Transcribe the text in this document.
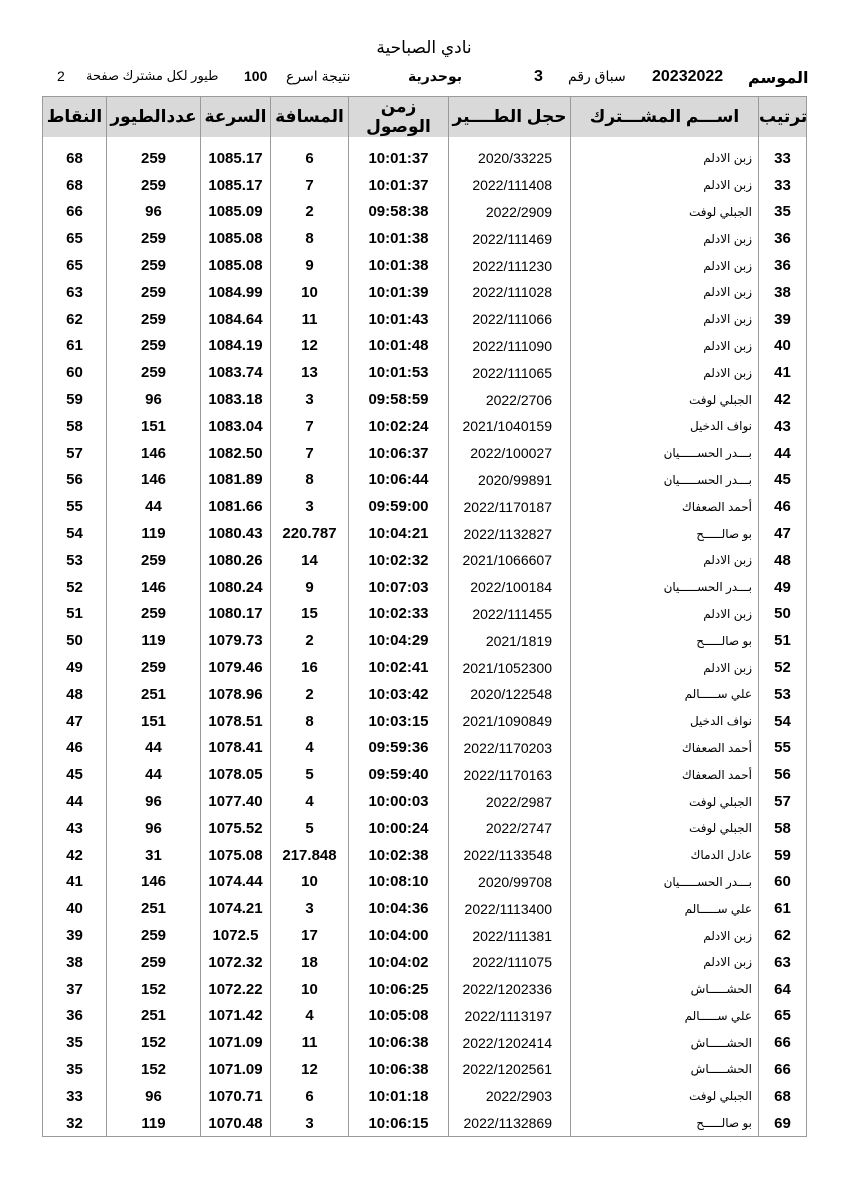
نادي الصباحية
2 طيور لكل مشترك صفحة 100 نتيجة اسرع	بوحدرية	3 سباق رقم 20232022 الموسم
النقاط	عددالطيور	السرعة	المسافة	زمن الوصول	حجل الطــــير	اســـم المشـــترك	ترتيب

68	259	1085.17	6	10:01:37	2020/33225	زبن الادلم	33
68	259	1085.17	7	10:01:37	2022/111408	زبن الادلم	33
66	96	1085.09	2	09:58:38	2022/2909	الجبلي لوفت	35
65	259	1085.08	8	10:01:38	2022/111469	زبن الادلم	36
65	259	1085.08	9	10:01:38	2022/111230	زبن الادلم	36
63	259	1084.99	10	10:01:39	2022/111028	زبن الادلم	38
62	259	1084.64	11	10:01:43	2022/111066	زبن الادلم	39
61	259	1084.19	12	10:01:48	2022/111090	زبن الادلم	40
60	259	1083.74	13	10:01:53	2022/111065	زبن الادلم	41
59	96	1083.18	3	09:58:59	2022/2706	الجبلي لوفت	42
58	151	1083.04	7	10:02:24	2021/1040159	نواف الدخيل	43
57	146	1082.50	7	10:06:37	2022/100027	بـــدر الحســـــيان	44
56	146	1081.89	8	10:06:44	2020/99891	بـــدر الحســـــيان	45
55	44	1081.66	3	09:59:00	2022/1170187	أحمد الصعفاك	46
54	119	1080.43	220.787	10:04:21	2022/1132827	بو صالـــــح	47
53	259	1080.26	14	10:02:32	2021/1066607	زبن الادلم	48
52	146	1080.24	9	10:07:03	2022/100184	بـــدر الحســـــيان	49
51	259	1080.17	15	10:02:33	2022/111455	زبن الادلم	50
50	119	1079.73	2	10:04:29	2021/1819	بو صالـــــح	51
49	259	1079.46	16	10:02:41	2021/1052300	زبن الادلم	52
48	251	1078.96	2	10:03:42	2020/122548	علي ســـــالم	53
47	151	1078.51	8	10:03:15	2021/1090849	نواف الدخيل	54
46	44	1078.41	4	09:59:36	2022/1170203	أحمد الصعفاك	55
45	44	1078.05	5	09:59:40	2022/1170163	أحمد الصعفاك	56
44	96	1077.40	4	10:00:03	2022/2987	الجبلي لوفت	57
43	96	1075.52	5	10:00:24	2022/2747	الجبلي لوفت	58
42	31	1075.08	217.848	10:02:38	2022/1133548	عادل الدماك	59
41	146	1074.44	10	10:08:10	2020/99708	بـــدر الحســـــيان	60
40	251	1074.21	3	10:04:36	2022/1113400	علي ســـــالم	61
39	259	1072.5	17	10:04:00	2022/111381	زبن الادلم	62
38	259	1072.32	18	10:04:02	2022/111075	زبن الادلم	63
37	152	1072.22	10	10:06:25	2022/1202336	الحشـــــاش	64
36	251	1071.42	4	10:05:08	2022/1113197	علي ســـــالم	65
35	152	1071.09	11	10:06:38	2022/1202414	الحشـــــاش	66
35	152	1071.09	12	10:06:38	2022/1202561	الحشـــــاش	66
33	96	1070.71	6	10:01:18	2022/2903	الجبلي لوفت	68
32	119	1070.48	3	10:06:15	2022/1132869	بو صالـــــح	69
